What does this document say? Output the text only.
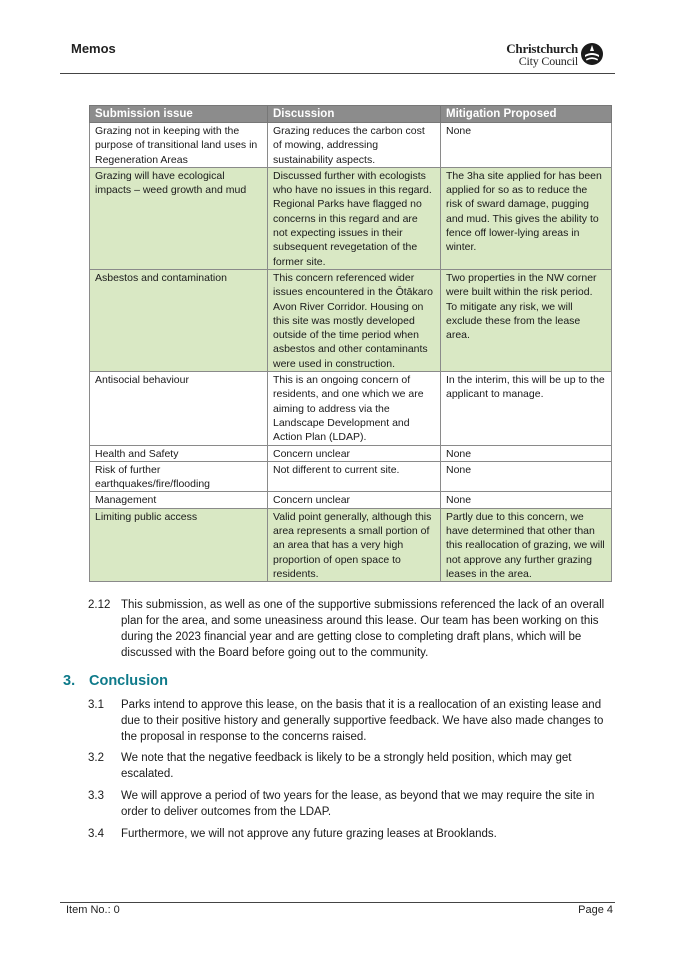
Memos	Christchurch
City Council
Submission issue	Discussion	Mitigation Proposed
Grazing not in keeping with the purpose of transitional land uses in Regeneration Areas	Grazing reduces the carbon cost of mowing, addressing sustainability aspects.	None
Grazing will have ecological impacts – weed growth and mud	Discussed further with ecologists who have no issues in this regard. Regional Parks have flagged no concerns in this regard and are not expecting issues in their subsequent revegetation of the former site.	The 3ha site applied for has been applied for so as to reduce the risk of sward damage, pugging and mud. This gives the ability to fence off lower-lying areas in winter.
Asbestos and contamination	This concern referenced wider issues encountered in the Ōtākaro Avon River Corridor. Housing on this site was mostly developed outside of the time period when asbestos and other contaminants were used in construction.	Two properties in the NW corner were built within the risk period. To mitigate any risk, we will exclude these from the lease area.
Antisocial behaviour	This is an ongoing concern of residents, and one which we are aiming to address via the Landscape Development and Action Plan (LDAP).	In the interim, this will be up to the applicant to manage.
Health and Safety	Concern unclear	None
Risk of further earthquakes/fire/flooding	Not different to current site.	None
Management	Concern unclear	None
Limiting public access	Valid point generally, although this area represents a small portion of an area that has a very high proportion of open space to residents.	Partly due to this concern, we have determined that other than this reallocation of grazing, we will not approve any further grazing leases in the area.
2.12 This submission, as well as one of the supportive submissions referenced the lack of an overall plan for the area, and some uneasiness around this lease. Our team has been working on this during the 2023 financial year and are getting close to completing draft plans, which will be discussed with the Board before going out to the community.
3. Conclusion
3.1	Parks intend to approve this lease, on the basis that it is a reallocation of an existing lease and due to their positive history and generally supportive feedback. We have also made changes to the proposal in response to the concerns raised.
3.2	We note that the negative feedback is likely to be a strongly held position, which may get escalated.
3.3	We will approve a period of two years for the lease, as beyond that we may require the site in order to deliver outcomes from the LDAP.
3.4	Furthermore, we will not approve any future grazing leases at Brooklands.
Item No.: 0	Page 4
